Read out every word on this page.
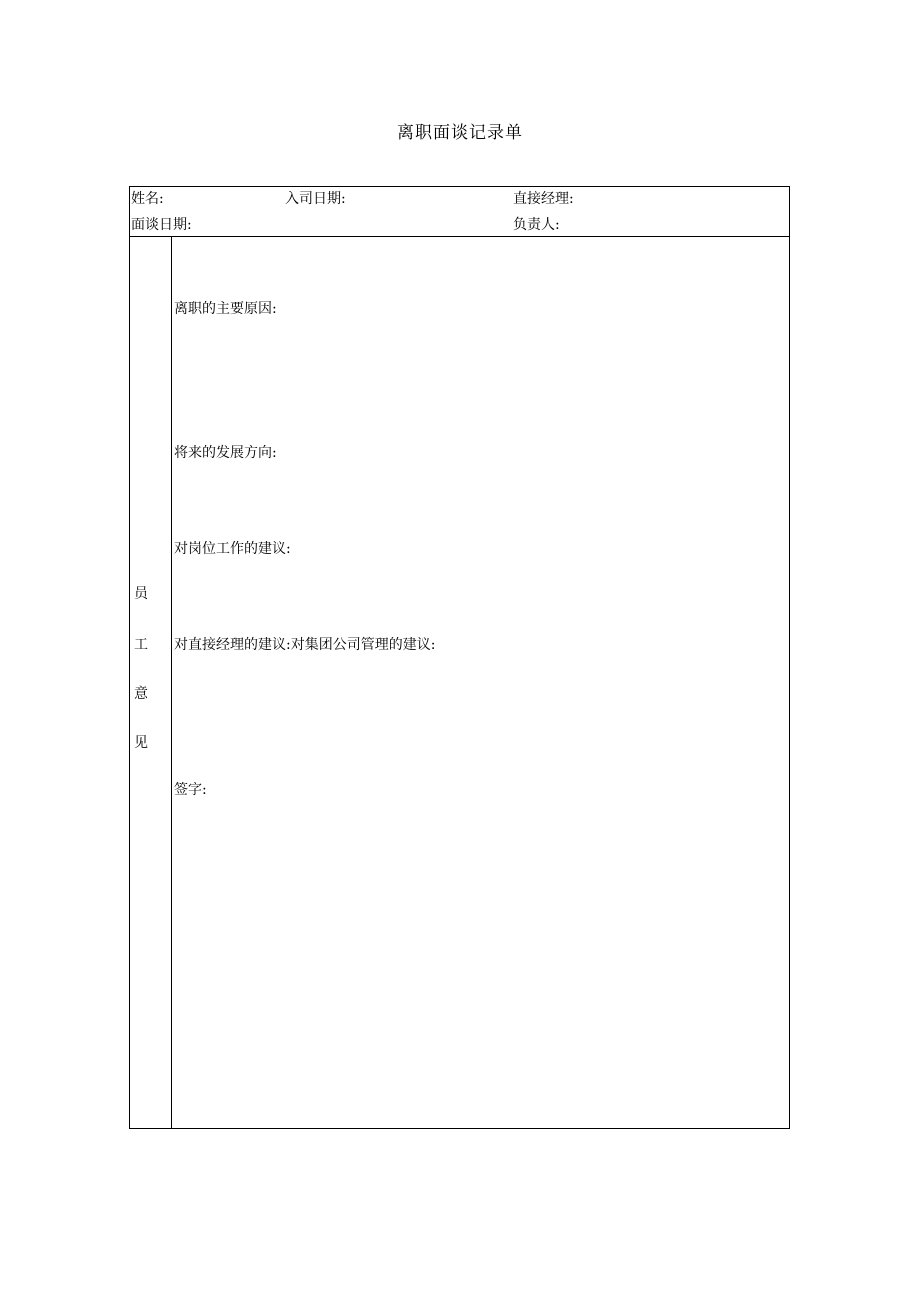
离职面谈记录单
姓名:	入司日期:	直接经理:
面谈日期:	负责人:
员
工
意
见
离职的主要原因:
将来的发展方向:
对岗位工作的建议:
对直接经理的建议:对集团公司管理的建议:
签字:
